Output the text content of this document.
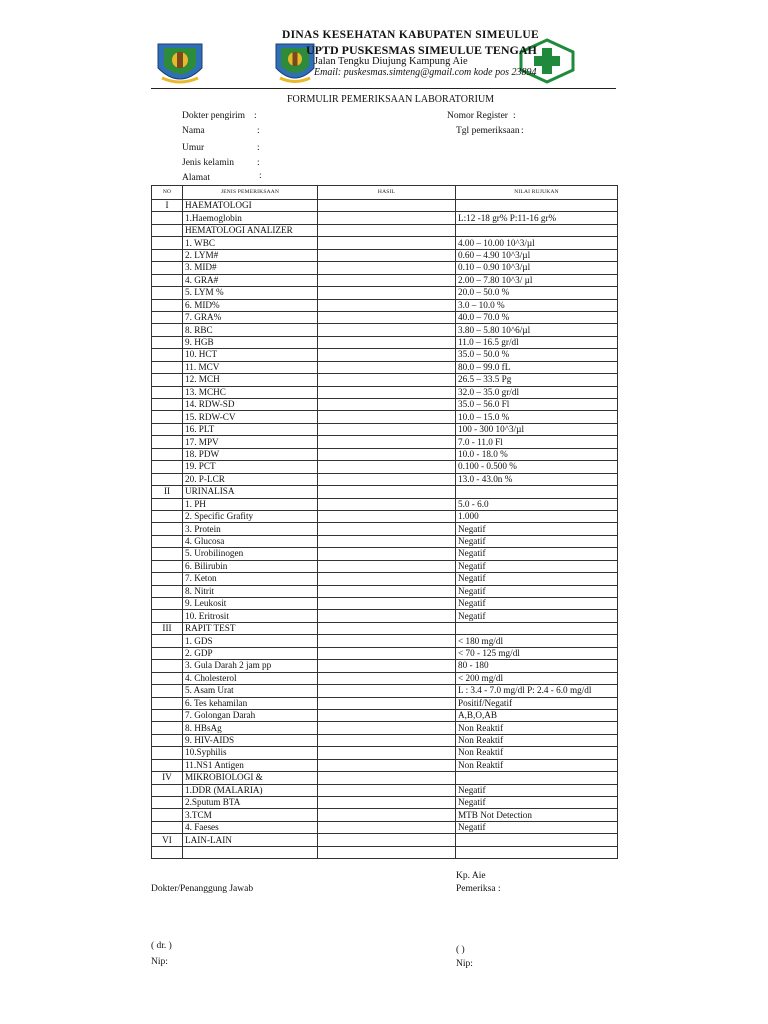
DINAS KESEHATAN KABUPATEN SIMEULUE
UPTD PUSKESMAS SIMEULUE TENGAH
Jalan Tengku Diujung Kampung Aie
Email: puskesmas.simteng@gmail.com kode pos 23894
FORMULIR PEMERIKSAAN LABORATORIUM
Dokter pengirim :
Nama	:
Umur	:
Jenis kelamin :
Alamat	:
Nomor Register :
Tgl pemeriksaan :
NO	JENIS PEMERIKSAAN	HASIL	NILAI RUJUKAN
I	HAEMATOLOGI		
	1.Haemoglobin		L:12 -18 gr% P:11-16 gr%
	HEMATOLOGI ANALIZER		
	1. WBC		4.00 – 10.00 10^3/µl
	2. LYM#		0.60 – 4.90 10^3/µl
	3. MID#		0.10 – 0.90 10^3/µl
	4. GRA#		2.00 – 7.80 10^3/ µl
	5. LYM %		20.0 – 50.0 %
	6. MID%		3.0 – 10.0 %
	7. GRA%		40.0 – 70.0 %
	8. RBC		3.80 – 5.80 10^6/µl
	9. HGB		11.0 – 16.5 gr/dl
	10. HCT		35.0 – 50.0 %
	11. MCV		80.0 – 99.0 fL
	12. MCH		26.5 – 33.5 Pg
	13. MCHC		32.0 – 35.0 gr/dl
	14. RDW-SD		35.0 – 56.0 Fl
	15. RDW-CV		10.0 – 15.0 %
	16. PLT		100 - 300 10^3/µl
	17. MPV		7.0 - 11.0 Fl
	18. PDW		10.0 - 18.0 %
	19. PCT		0.100 - 0.500 %
	20. P-LCR		13.0 - 43.0n %
II	URINALISA		
	1. PH		5.0 - 6.0
	2. Specific Grafity		1.000
	3. Protein		Negatif
	4. Glucosa		Negatif
	5. Urobilinogen		Negatif
	6. Bilirubin		Negatif
	7. Keton		Negatif
	8. Nitrit		Negatif
	9. Leukosit		Negatif
	10. Eritrosit		Negatif
III	RAPIT TEST		
	1. GDS		< 180 mg/dl
	2. GDP		< 70 - 125 mg/dl
	3. Gula Darah 2 jam pp		80 - 180
	4. Cholesterol		< 200 mg/dl
	5. Asam Urat		L : 3.4 - 7.0 mg/dl P: 2.4 - 6.0 mg/dl
	6. Tes kehamilan		Positif/Negatif
	7. Golongan Darah		A,B,O,AB
	8. HBsAg		Non Reaktif
	9. HIV-AIDS		Non Reaktif
	10.Syphilis		Non Reaktif
	11.NS1 Antigen		Non Reaktif
IV	MIKROBIOLOGI &		
	1.DDR (MALARIA)		Negatif
	2.Sputum BTA		Negatif
	3.TCM		MTB Not Detection
	4. Faeses		Negatif
VI	LAIN-LAIN		

Kp. Aie
Pemeriksa :
Dokter/Penanggung Jawab
( dr. )	( )
Nip:	Nip:
